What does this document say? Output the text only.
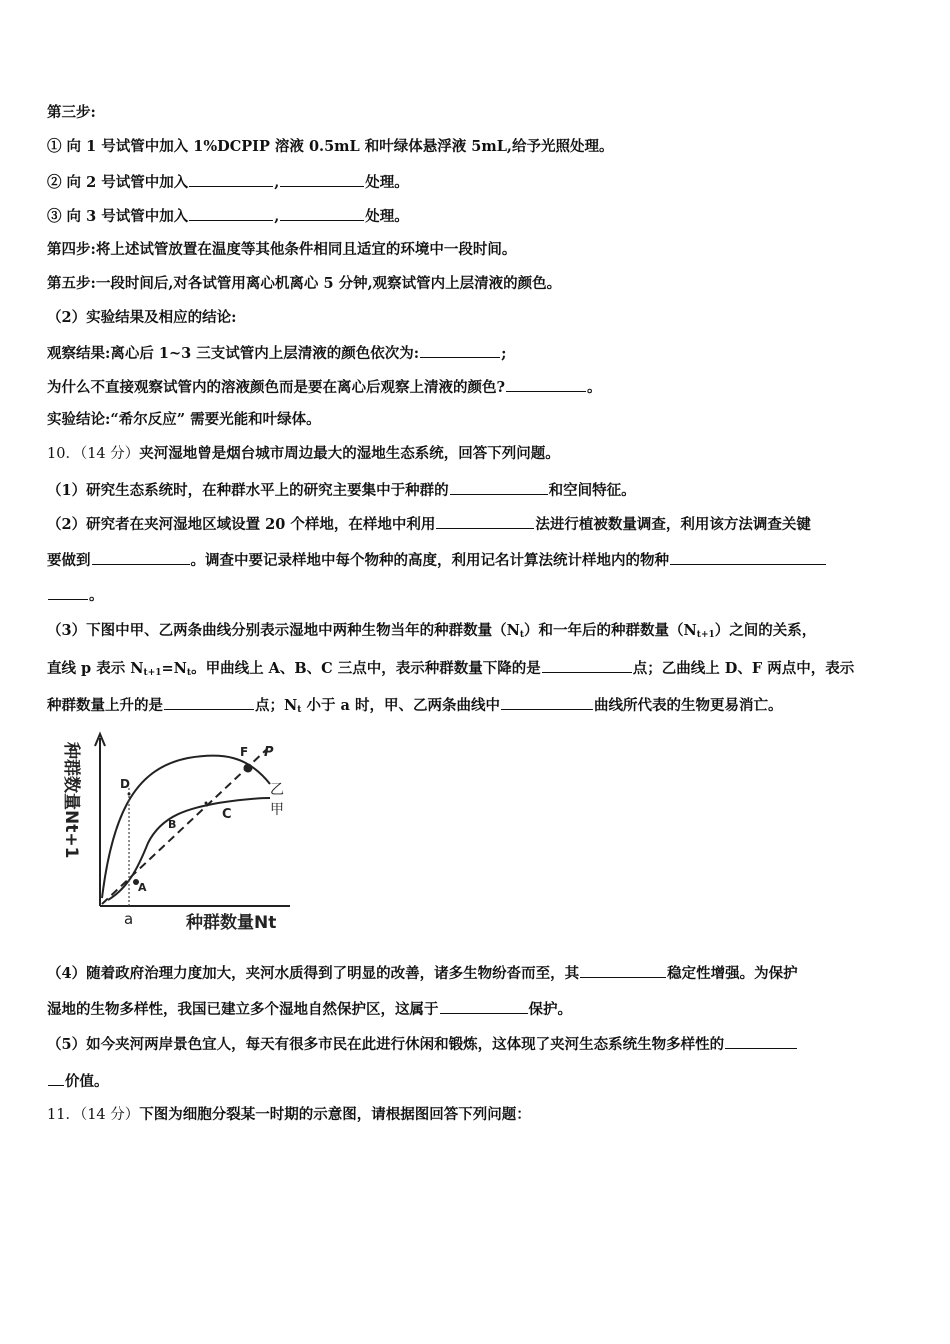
第三步:
① 向 1 号试管中加入 1%DCPIP 溶液 0.5mL 和叶绿体悬浮液 5mL,给予光照处理。
② 向 2 号试管中加入	,	处理。
③ 向 3 号试管中加入	,	处理。
第四步:将上述试管放置在温度等其他条件相同且适宜的环境中一段时间。
第五步:一段时间后,对各试管用离心机离心 5 分钟,观察试管内上层清液的颜色。
（2）实验结果及相应的结论:
观察结果:离心后 1~3 三支试管内上层清液的颜色依次为:	;
为什么不直接观察试管内的溶液颜色而是要在离心后观察上清液的颜色?	。
实验结论:“希尔反应” 需要光能和叶绿体。
10．（14 分）夹河湿地曾是烟台城市周边最大的湿地生态系统，回答下列问题。
（1）研究生态系统时，在种群水平上的研究主要集中于种群的	和空间特征。
（2）研究者在夹河湿地区域设置 20 个样地，在样地中利用	法进行植被数量调查，利用该方法调查关键
要做到	。调查中要记录样地中每个物种的高度，利用记名计算法统计样地内的物种
。
（3）下图中甲、乙两条曲线分别表示湿地中两种生物当年的种群数量$(N_t)$和一年后的种群数量$(N_{t+1})$之间的关系，
直线 p 表示 $N_{t+1}=N_t$。甲曲线上 A、B、C 三点中，表示种群数量下降的是	点；乙曲线上 D、F 两点中，表示
种群数量上升的是	点；$N_t$ 小于 a 时，甲、乙两条曲线中	曲线所代表的生物更易消亡。
A
B
C
D
F P
乙
甲
a	种群数量Nt
种群数量Nt+1
（4）随着政府治理力度加大，夹河水质得到了明显的改善，诸多生物纷沓而至，其	稳定性增强。为保护
湿地的生物多样性，我国已建立多个湿地自然保护区，这属于	保护。
（5）如今夹河两岸景色宜人，每天有很多市民在此进行休闲和锻炼，这体现了夹河生态系统生物多样性的
价值。
11．（14 分）下图为细胞分裂某一时期的示意图，请根据图回答下列问题：
